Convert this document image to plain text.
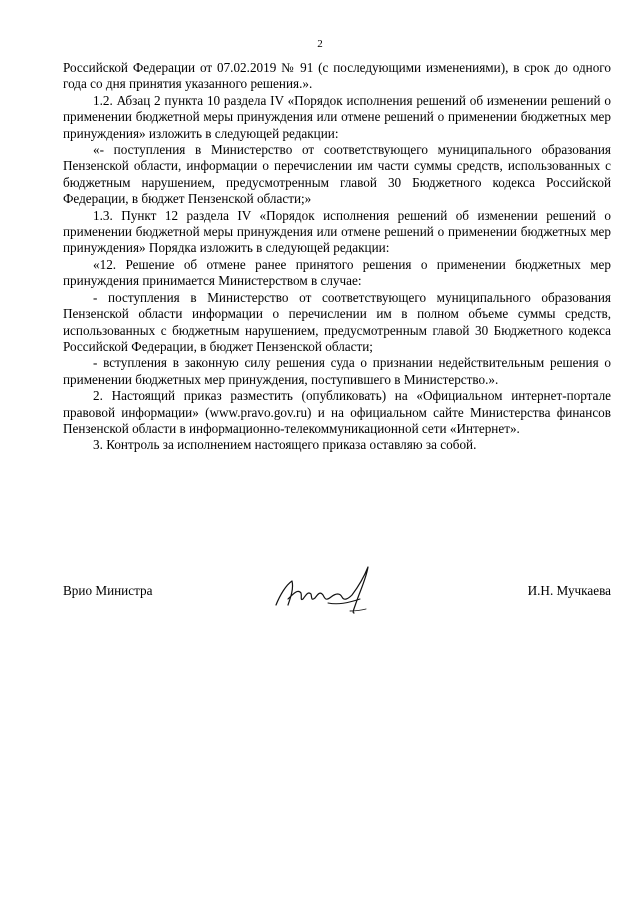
2

Российской Федерации от 07.02.2019 № 91 (с последующими изменениями), в срок до одного года со дня принятия указанного решения.».

1.2. Абзац 2 пункта 10 раздела IV «Порядок исполнения решений об изменении решений о применении бюджетной меры принуждения или отмене решений о применении бюджетных мер принуждения» изложить в следующей редакции:

«- поступления в Министерство от соответствующего муниципального образования Пензенской области, информации о перечислении им части суммы средств, использованных с бюджетным нарушением, предусмотренным главой 30 Бюджетного кодекса Российской Федерации, в бюджет Пензенской области;»

1.3. Пункт 12 раздела IV «Порядок исполнения решений об изменении решений о применении бюджетной меры принуждения или отмене решений о применении бюджетных мер принуждения» Порядка изложить в следующей редакции:

«12. Решение об отмене ранее принятого решения о применении бюджетных мер принуждения принимается Министерством в случае:

- поступления в Министерство от соответствующего муниципального образования Пензенской области информации о перечислении им в полном объеме суммы средств, использованных с бюджетным нарушением, предусмотренным главой 30 Бюджетного кодекса Российской Федерации, в бюджет Пензенской области;

- вступления в законную силу решения суда о признании недействительным решения о применении бюджетных мер принуждения, поступившего в Министерство.».

2. Настоящий приказ разместить (опубликовать) на «Официальном интернет-портале правовой информации» (www.pravo.gov.ru) и на официальном сайте Министерства финансов Пензенской области в информационно-телекоммуникационной сети «Интернет».

3. Контроль за исполнением настоящего приказа оставляю за собой.

Врио Министра	И.Н. Мучкаева
